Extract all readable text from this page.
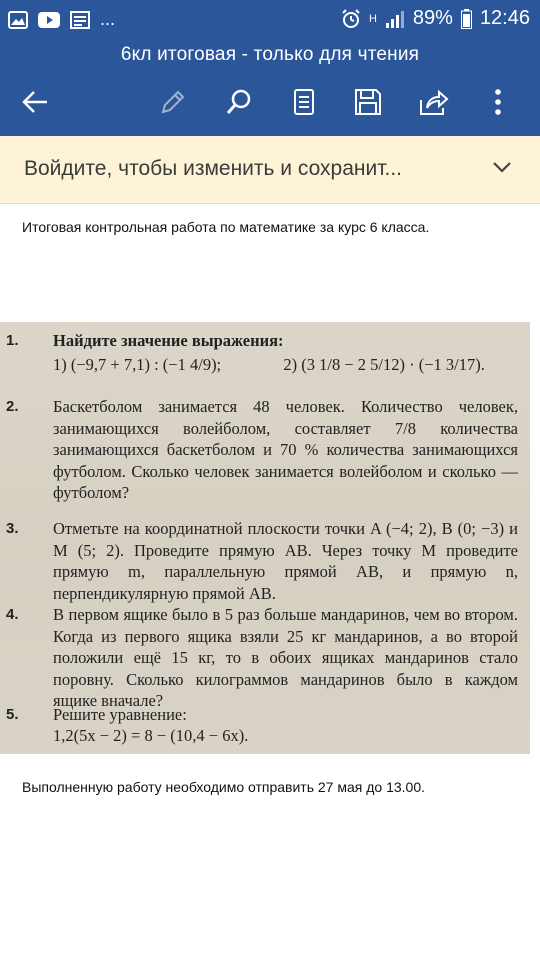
...	H 89% 12:46
6кл итоговая - только для чтения
Войдите, чтобы изменить и сохранит...
Итоговая контрольная работа по математике за курс 6 класса.
1. Найдите значение выражения:
1) (−9,7 + 7,1) : (−1 4/9);	2) (3 1/8 − 2 5/12) · (−1 3/17).
2. Баскетболом занимается 48 человек. Количество человек, занимающихся волейболом, составляет 7/8 количества занимающихся баскетболом и 70 % количества занимающихся футболом. Сколько человек занимается волейболом и сколько — футболом?
3. Отметьте на координатной плоскости точки A (−4; 2), B (0; −3) и M (5; 2). Проведите прямую AB. Через точку M проведите прямую m, параллельную прямой AB, и прямую n, перпендикулярную прямой AB.
4. В первом ящике было в 5 раз больше мандаринов, чем во втором. Когда из первого ящика взяли 25 кг мандаринов, а во второй положили ещё 15 кг, то в обоих ящиках мандаринов стало поровну. Сколько килограммов мандаринов было в каждом ящике вначале?
5. Решите уравнение:
1,2(5x − 2) = 8 − (10,4 − 6x).
Выполненную работу необходимо отправить 27 мая до 13.00.
